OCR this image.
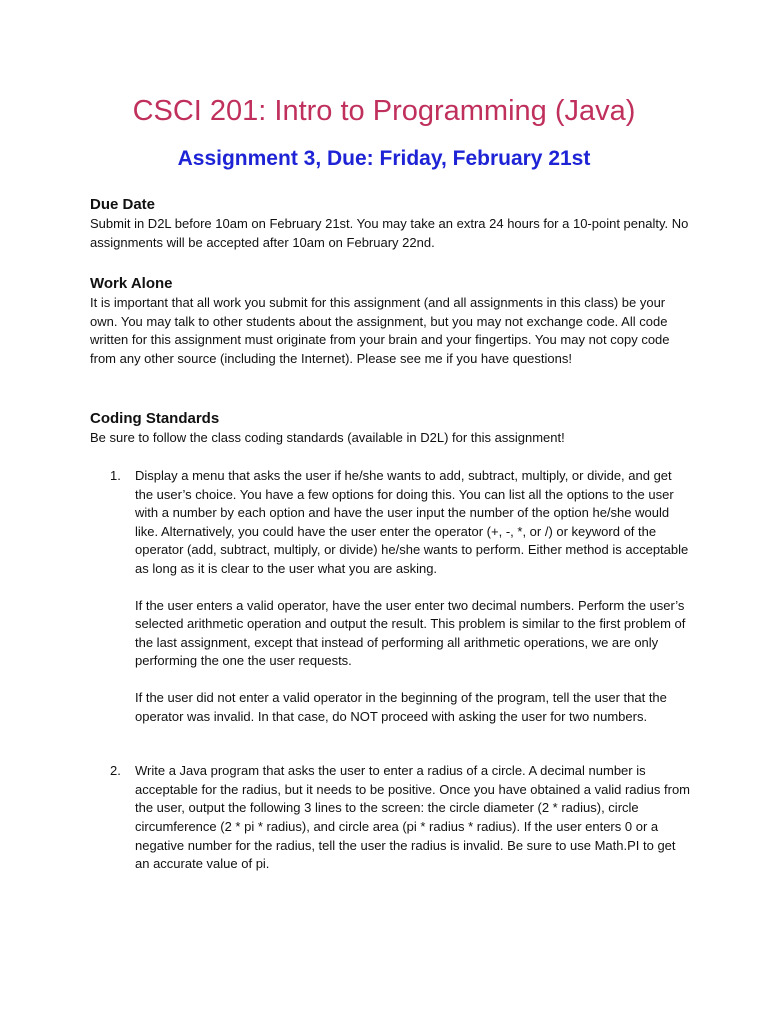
CSCI 201: Intro to Programming (Java)
Assignment 3, Due: Friday, February 21st
Due Date
Submit in D2L before 10am on February 21st. You may take an extra 24 hours for a 10-point penalty. No assignments will be accepted after 10am on February 22nd.
Work Alone
It is important that all work you submit for this assignment (and all assignments in this class) be your own. You may talk to other students about the assignment, but you may not exchange code. All code written for this assignment must originate from your brain and your fingertips. You may not copy code from any other source (including the Internet). Please see me if you have questions!
Coding Standards
Be sure to follow the class coding standards (available in D2L) for this assignment!
1.	Display a menu that asks the user if he/she wants to add, subtract, multiply, or divide, and get the user’s choice. You have a few options for doing this. You can list all the options to the user with a number by each option and have the user input the number of the option he/she would like. Alternatively, you could have the user enter the operator (+, -, *, or /) or keyword of the operator (add, subtract, multiply, or divide) he/she wants to perform. Either method is acceptable as long as it is clear to the user what you are asking.
If the user enters a valid operator, have the user enter two decimal numbers. Perform the user’s selected arithmetic operation and output the result. This problem is similar to the first problem of the last assignment, except that instead of performing all arithmetic operations, we are only performing the one the user requests.
If the user did not enter a valid operator in the beginning of the program, tell the user that the operator was invalid. In that case, do NOT proceed with asking the user for two numbers.
2.	Write a Java program that asks the user to enter a radius of a circle. A decimal number is acceptable for the radius, but it needs to be positive. Once you have obtained a valid radius from the user, output the following 3 lines to the screen: the circle diameter (2 * radius), circle circumference (2 * pi * radius), and circle area (pi * radius * radius). If the user enters 0 or a negative number for the radius, tell the user the radius is invalid. Be sure to use Math.PI to get an accurate value of pi.
